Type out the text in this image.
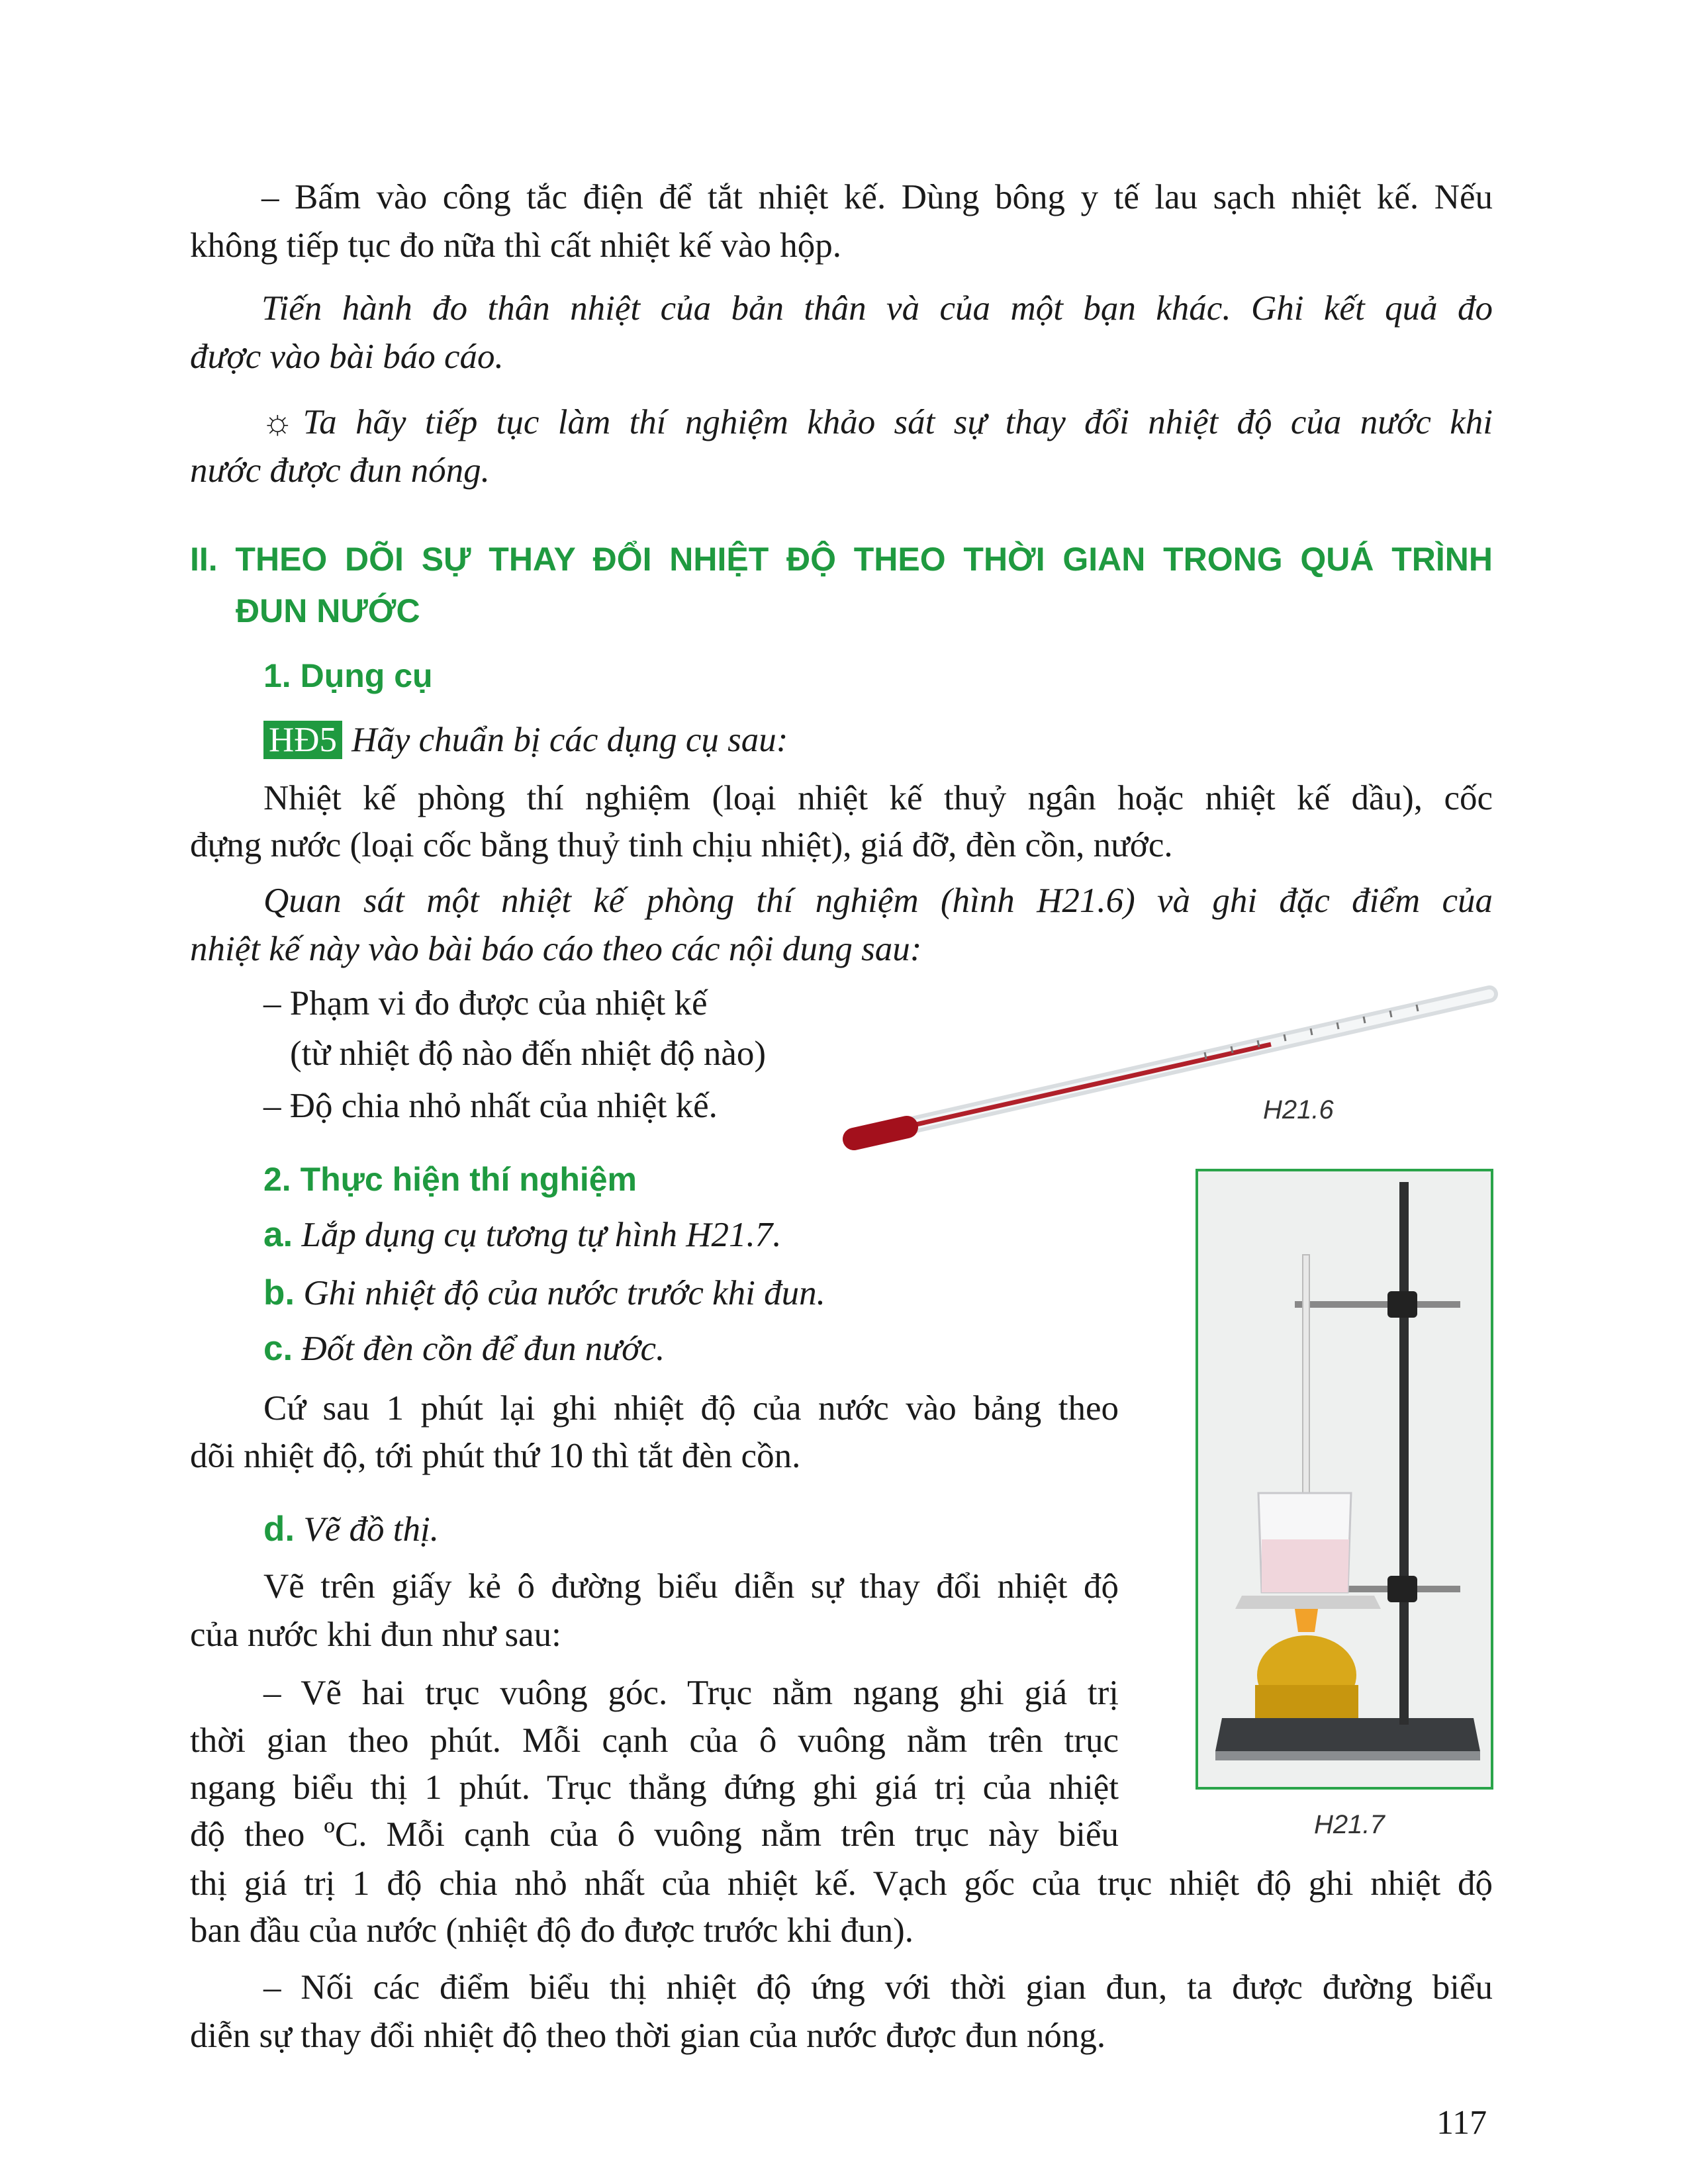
– Bấm vào công tắc điện để tắt nhiệt kế. Dùng bông y tế lau sạch nhiệt kế. Nếu
không tiếp tục đo nữa thì cất nhiệt kế vào hộp.
Tiến hành đo thân nhiệt của bản thân và của một bạn khác. Ghi kết quả đo
được vào bài báo cáo.
☼ Ta hãy tiếp tục làm thí nghiệm khảo sát sự thay đổi nhiệt độ của nước khi
nước được đun nóng.
II. THEO DÕI SỰ THAY ĐỔI NHIỆT ĐỘ THEO THỜI GIAN TRONG QUÁ TRÌNH
ĐUN NƯỚC
1. Dụng cụ
HĐ5 Hãy chuẩn bị các dụng cụ sau:
Nhiệt kế phòng thí nghiệm (loại nhiệt kế thuỷ ngân hoặc nhiệt kế dầu), cốc
đựng nước (loại cốc bằng thuỷ tinh chịu nhiệt), giá đỡ, đèn cồn, nước.
Quan sát một nhiệt kế phòng thí nghiệm (hình H21.6) và ghi đặc điểm của
nhiệt kế này vào bài báo cáo theo các nội dung sau:
– Phạm vi đo được của nhiệt kế
(từ nhiệt độ nào đến nhiệt độ nào)
– Độ chia nhỏ nhất của nhiệt kế.	H21.6
2. Thực hiện thí nghiệm
a. Lắp dụng cụ tương tự hình H21.7.
b. Ghi nhiệt độ của nước trước khi đun.
c. Đốt đèn cồn để đun nước.
Cứ sau 1 phút lại ghi nhiệt độ của nước vào bảng theo
dõi nhiệt độ, tới phút thứ 10 thì tắt đèn cồn.
d. Vẽ đồ thị.
Vẽ trên giấy kẻ ô đường biểu diễn sự thay đổi nhiệt độ
của nước khi đun như sau:
– Vẽ hai trục vuông góc. Trục nằm ngang ghi giá trị
thời gian theo phút. Mỗi cạnh của ô vuông nằm trên trục
ngang biểu thị 1 phút. Trục thẳng đứng ghi giá trị của nhiệt
độ theo ºC. Mỗi cạnh của ô vuông nằm trên trục này biểu
thị giá trị 1 độ chia nhỏ nhất của nhiệt kế. Vạch gốc của trục nhiệt độ ghi nhiệt độ
ban đầu của nước (nhiệt độ đo được trước khi đun).
– Nối các điểm biểu thị nhiệt độ ứng với thời gian đun, ta được đường biểu
diễn sự thay đổi nhiệt độ theo thời gian của nước được đun nóng.
H21.7
117
